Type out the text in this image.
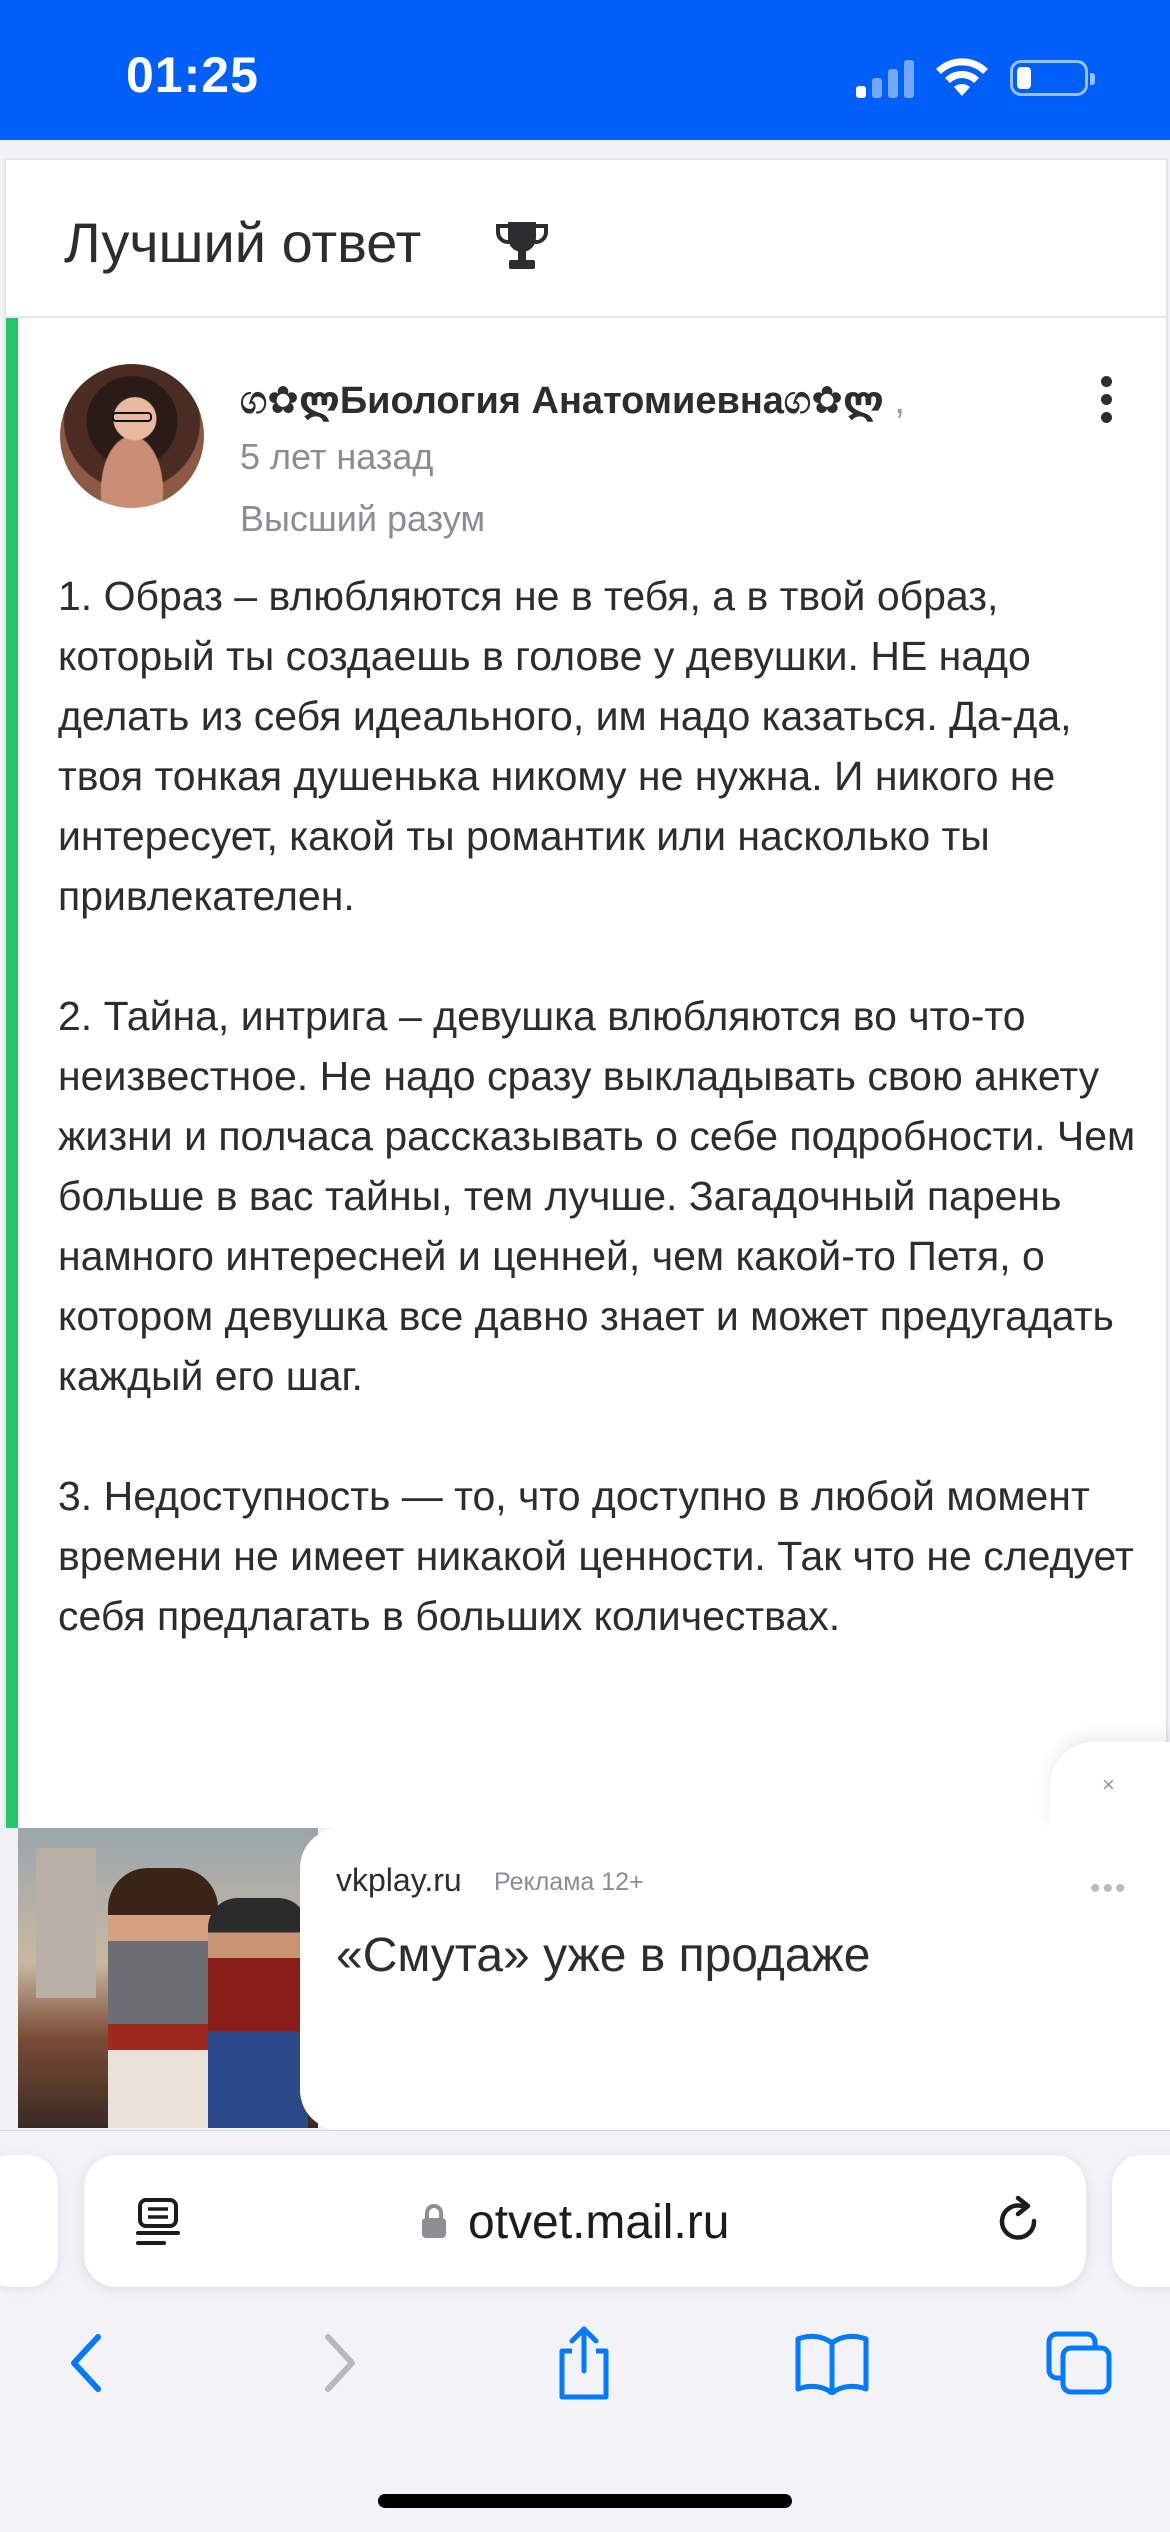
01:25
Лучший ответ
ග✿ლБиология Анатомиевнаග✿ლ ,
5 лет назад
Высший разум

1. Образ – влюбляются не в тебя, а в твой образ, который ты создаешь в голове у девушки. НЕ надо делать из себя идеального, им надо казаться. Да-да, твоя тонкая душенька никому не нужна. И никого не интересует, какой ты романтик или насколько ты привлекателен.

2. Тайна, интрига – девушка влюбляются во что-то неизвестное. Не надо сразу выкладывать свою анкету жизни и полчаса рассказывать о себе подробности. Чем больше в вас тайны, тем лучше. Загадочный парень намного интересней и ценней, чем какой-то Петя, о котором девушка все давно знает и может предугадать каждый его шаг.

3. Недоступность — то, что доступно в любой момент времени не имеет никакой ценности. Так что не следует себя предлагать в больших количествах.

×
vkplay.ru Реклама 12+	•••
«Смута» уже в продаже
otvet.mail.ru
